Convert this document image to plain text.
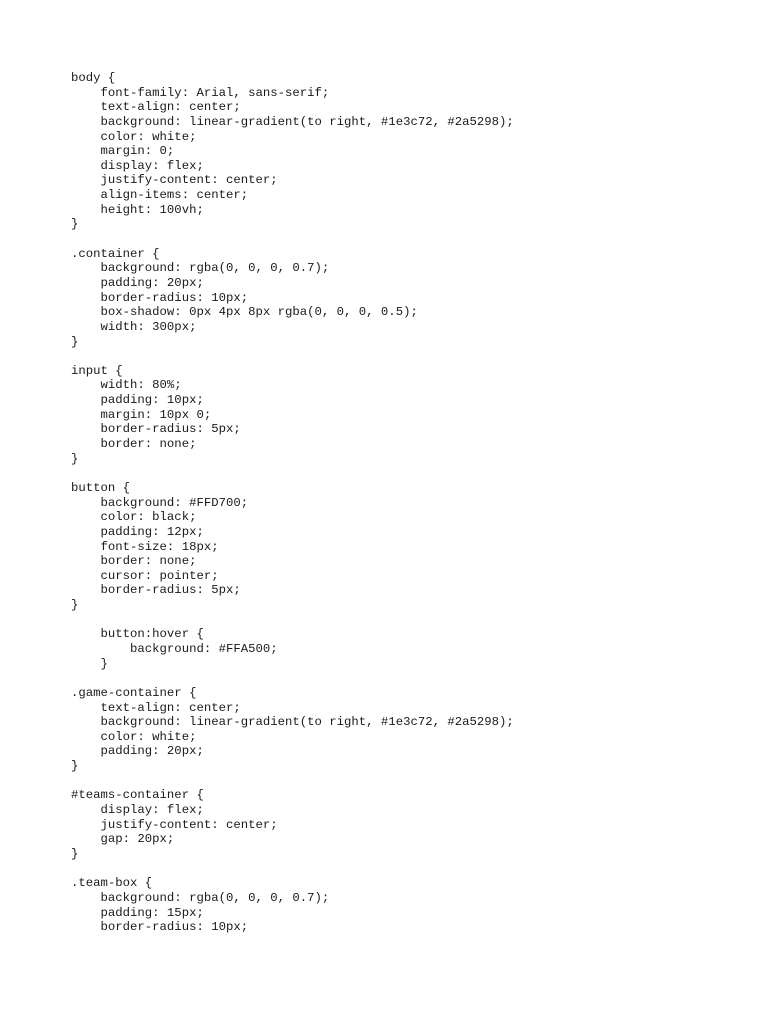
body {
font-family: Arial, sans-serif;
text-align: center;
background: linear-gradient(to right, #1e3c72, #2a5298);
color: white;
margin: 0;
display: flex;
justify-content: center;
align-items: center;
height: 100vh;
}
.container {
background: rgba(0, 0, 0, 0.7);
padding: 20px;
border-radius: 10px;
box-shadow: 0px 4px 8px rgba(0, 0, 0, 0.5);
width: 300px;
}
input {
width: 80%;
padding: 10px;
margin: 10px 0;
border-radius: 5px;
border: none;
}
button {
background: #FFD700;
color: black;
padding: 12px;
font-size: 18px;
border: none;
cursor: pointer;
border-radius: 5px;
}
button:hover {
background: #FFA500;
}
.game-container {
text-align: center;
background: linear-gradient(to right, #1e3c72, #2a5298);
color: white;
padding: 20px;
}
#teams-container {
display: flex;
justify-content: center;
gap: 20px;
}
.team-box {
background: rgba(0, 0, 0, 0.7);
padding: 15px;
border-radius: 10px;
